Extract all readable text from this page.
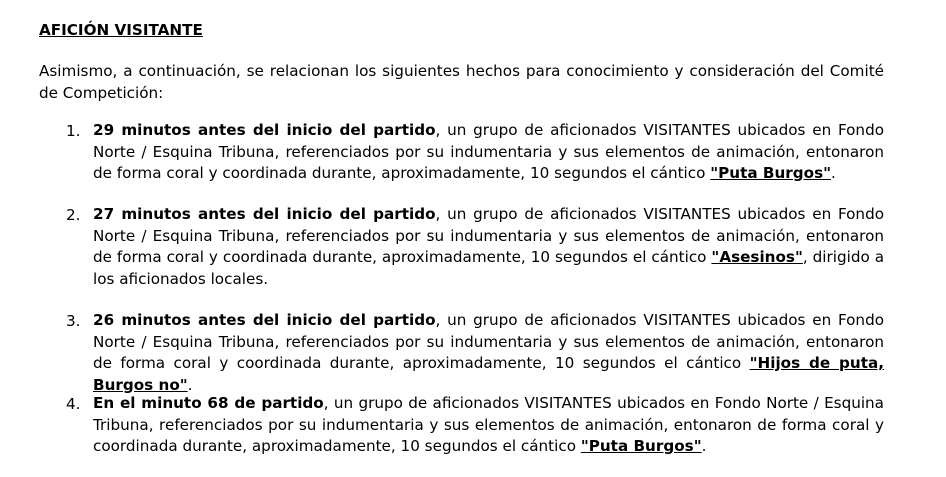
AFICIÓN VISITANTE

Asimismo, a continuación, se relacionan los siguientes hechos para conocimiento y consideración del Comité de Competición:

1. 29 minutos antes del inicio del partido, un grupo de aficionados VISITANTES ubicados en Fondo Norte / Esquina Tribuna, referenciados por su indumentaria y sus elementos de animación, entonaron de forma coral y coordinada durante, aproximadamente, 10 segundos el cántico "Puta Burgos".
2. 27 minutos antes del inicio del partido, un grupo de aficionados VISITANTES ubicados en Fondo Norte / Esquina Tribuna, referenciados por su indumentaria y sus elementos de animación, entonaron de forma coral y coordinada durante, aproximadamente, 10 segundos el cántico "Asesinos", dirigido a los aficionados locales.
3. 26 minutos antes del inicio del partido, un grupo de aficionados VISITANTES ubicados en Fondo Norte / Esquina Tribuna, referenciados por su indumentaria y sus elementos de animación, entonaron de forma coral y coordinada durante, aproximadamente, 10 segundos el cántico "Hijos de puta, Burgos no".
4. En el minuto 68 de partido, un grupo de aficionados VISITANTES ubicados en Fondo Norte / Esquina Tribuna, referenciados por su indumentaria y sus elementos de animación, entonaron de forma coral y coordinada durante, aproximadamente, 10 segundos el cántico "Puta Burgos".
